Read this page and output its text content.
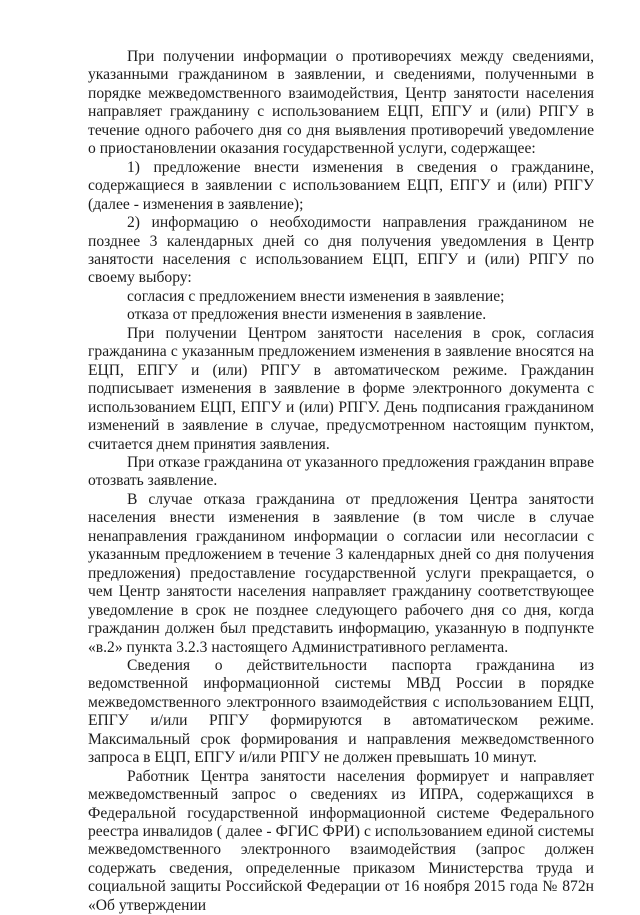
При получении информации о противоречиях между сведениями, указанными гражданином в заявлении, и сведениями, полученными в порядке межведомственного взаимодействия, Центр занятости населения направляет гражданину с использованием ЕЦП, ЕПГУ и (или) РПГУ в течение одного рабочего дня со дня выявления противоречий уведомление о приостановлении оказания государственной услуги, содержащее:

1) предложение внести изменения в сведения о гражданине, содержащиеся в заявлении с использованием ЕЦП, ЕПГУ и (или) РПГУ (далее - изменения в заявление);

2) информацию о необходимости направления гражданином не позднее 3 календарных дней со дня получения уведомления в Центр занятости населения с использованием ЕЦП, ЕПГУ и (или) РПГУ по своему выбору:

согласия с предложением внести изменения в заявление;

отказа от предложения внести изменения в заявление.

При получении Центром занятости населения в срок, согласия гражданина с указанным предложением изменения в заявление вносятся на ЕЦП, ЕПГУ и (или) РПГУ в автоматическом режиме. Гражданин подписывает изменения в заявление в форме электронного документа с использованием ЕЦП, ЕПГУ и (или) РПГУ. День подписания гражданином изменений в заявление в случае, предусмотренном настоящим пунктом, считается днем принятия заявления.

При отказе гражданина от указанного предложения гражданин вправе отозвать заявление.

В случае отказа гражданина от предложения Центра занятости населения внести изменения в заявление (в том числе в случае ненаправления гражданином информации о согласии или несогласии с указанным предложением в течение 3 календарных дней со дня получения предложения) предоставление государственной услуги прекращается, о чем Центр занятости населения направляет гражданину соответствующее уведомление в срок не позднее следующего рабочего дня со дня, когда гражданин должен был представить информацию, указанную в подпункте «в.2» пункта 3.2.3 настоящего Административного регламента.

Сведения о действительности паспорта гражданина из ведомственной информационной системы МВД России в порядке межведомственного электронного взаимодействия с использованием ЕЦП, ЕПГУ и/или РПГУ формируются в автоматическом режиме. Максимальный срок формирования и направления межведомственного запроса в ЕЦП, ЕПГУ и/или РПГУ не должен превышать 10 минут.

Работник Центра занятости населения формирует и направляет межведомственный запрос о сведениях из ИПРА, содержащихся в Федеральной государственной информационной системе Федерального реестра инвалидов ( далее - ФГИС ФРИ) с использованием единой системы межведомственного электронного взаимодействия (запрос должен содержать сведения, определенные приказом Министерства труда и социальной защиты Российской Федерации от 16 ноября 2015 года № 872н «Об утверждении
